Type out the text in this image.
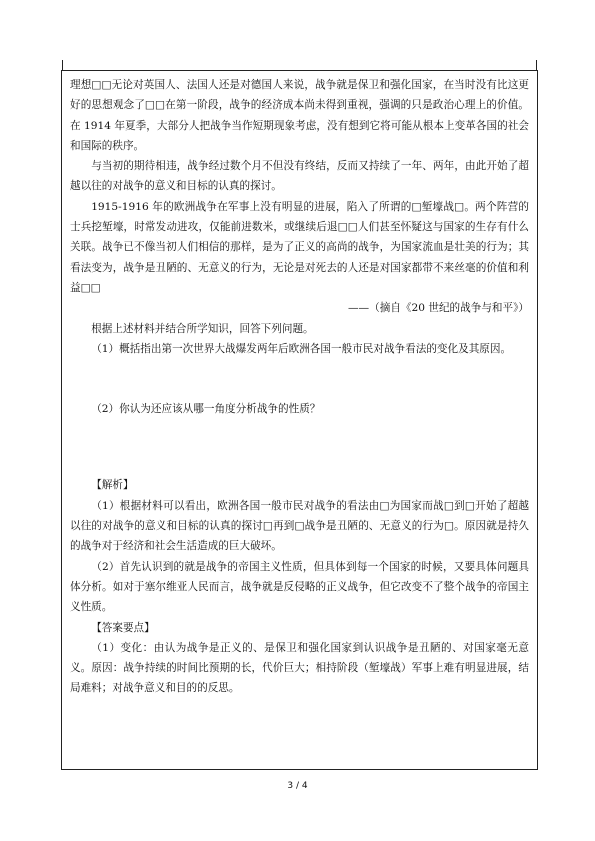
理想□□无论对英国人、法国人还是对德国人来说，战争就是保卫和强化国家，在当时没有比这更好的思想观念了□□在第一阶段，战争的经济成本尚未得到重视，强调的只是政治心理上的价值。在 1914 年夏季，大部分人把战争当作短期现象考虑，没有想到它将可能从根本上变革各国的社会和国际的秩序。

与当初的期待相违，战争经过数个月不但没有终结，反而又持续了一年、两年，由此开始了超越以往的对战争的意义和目标的认真的探讨。

1915-1916 年的欧洲战争在军事上没有明显的进展，陷入了所谓的□堑壕战□。两个阵营的士兵挖堑壕，时常发动进攻，仅能前进数米，或继续后退□□人们甚至怀疑这与国家的生存有什么关联。战争已不像当初人们相信的那样，是为了正义的高尚的战争，为国家流血是壮美的行为；其看法变为，战争是丑陋的、无意义的行为，无论是对死去的人还是对国家都带不来丝毫的价值和利益□□

——（摘自《20 世纪的战争与和平》）

根据上述材料并结合所学知识，回答下列问题。

（1）概括指出第一次世界大战爆发两年后欧洲各国一般市民对战争看法的变化及其原因。

（2）你认为还应该从哪一角度分析战争的性质？

【解析】

（1）根据材料可以看出，欧洲各国一般市民对战争的看法由□为国家而战□到□开始了超越以往的对战争的意义和目标的认真的探讨□再到□战争是丑陋的、无意义的行为□。原因就是持久的战争对于经济和社会生活造成的巨大破坏。

（2）首先认识到的就是战争的帝国主义性质，但具体到每一个国家的时候，又要具体问题具体分析。如对于塞尔维亚人民而言，战争就是反侵略的正义战争，但它改变不了整个战争的帝国主义性质。

【答案要点】

（1）变化：由认为战争是正义的、是保卫和强化国家到认识战争是丑陋的、对国家毫无意义。原因：战争持续的时间比预期的长，代价巨大；相持阶段（堑壕战）军事上难有明显进展，结局难料；对战争意义和目的的反思。

3 / 4
